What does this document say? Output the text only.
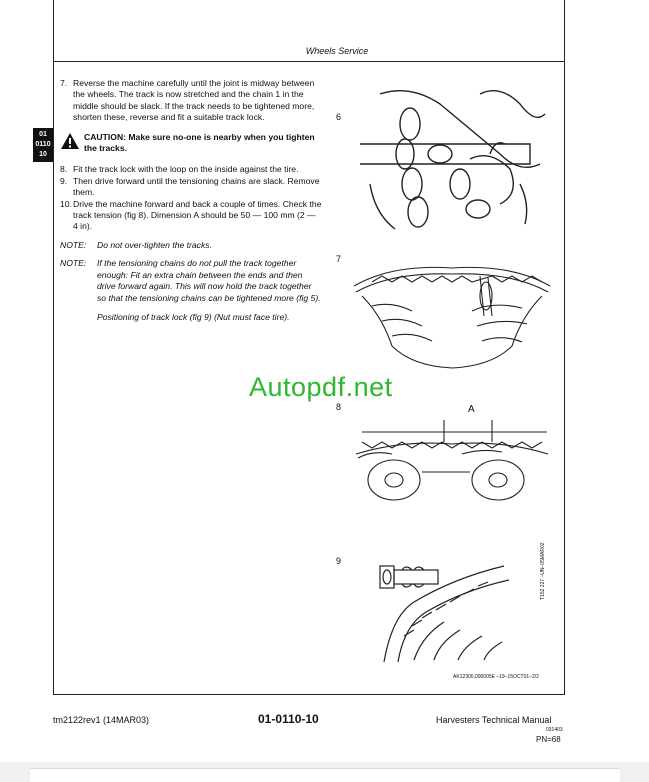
Wheels Service
01
0110
10
7. Reverse the machine carefully until the joint is midway between the wheels. The track is now stretched and the chain 1 in the middle should be slack. If the track needs to be tightened more, shorten these, reverse and fit a suitable track lock.
CAUTION: Make sure no-one is nearby when you tighten the tracks.
8. Fit the track lock with the loop on the inside against the tire.
9. Then drive forward until the tensioning chains are slack. Remove them.
10. Drive the machine forward and back a couple of times. Check the track tension (fig 8). Dimension A should be 50 — 100 mm (2 — 4 in).
NOTE:	Do not over-tighten the tracks.
NOTE:	If the tensioning chains do not pull the track together enough: Fit an extra chain between the ends and then drive forward again. This will now hold the track together so that the tensioning chains can be tightened more (fig 5).
Positioning of track lock (fig 9) (Nut must face tire).
6
7
8	A
9
Autopdf.net
T152 227 –UN–05MAR02
AK12300,000005E –19–15OCT01–2/2
tm2122rev1 (14MAR03)	01-0110-10	Harvesters Technical Manual
031403
PN=68
